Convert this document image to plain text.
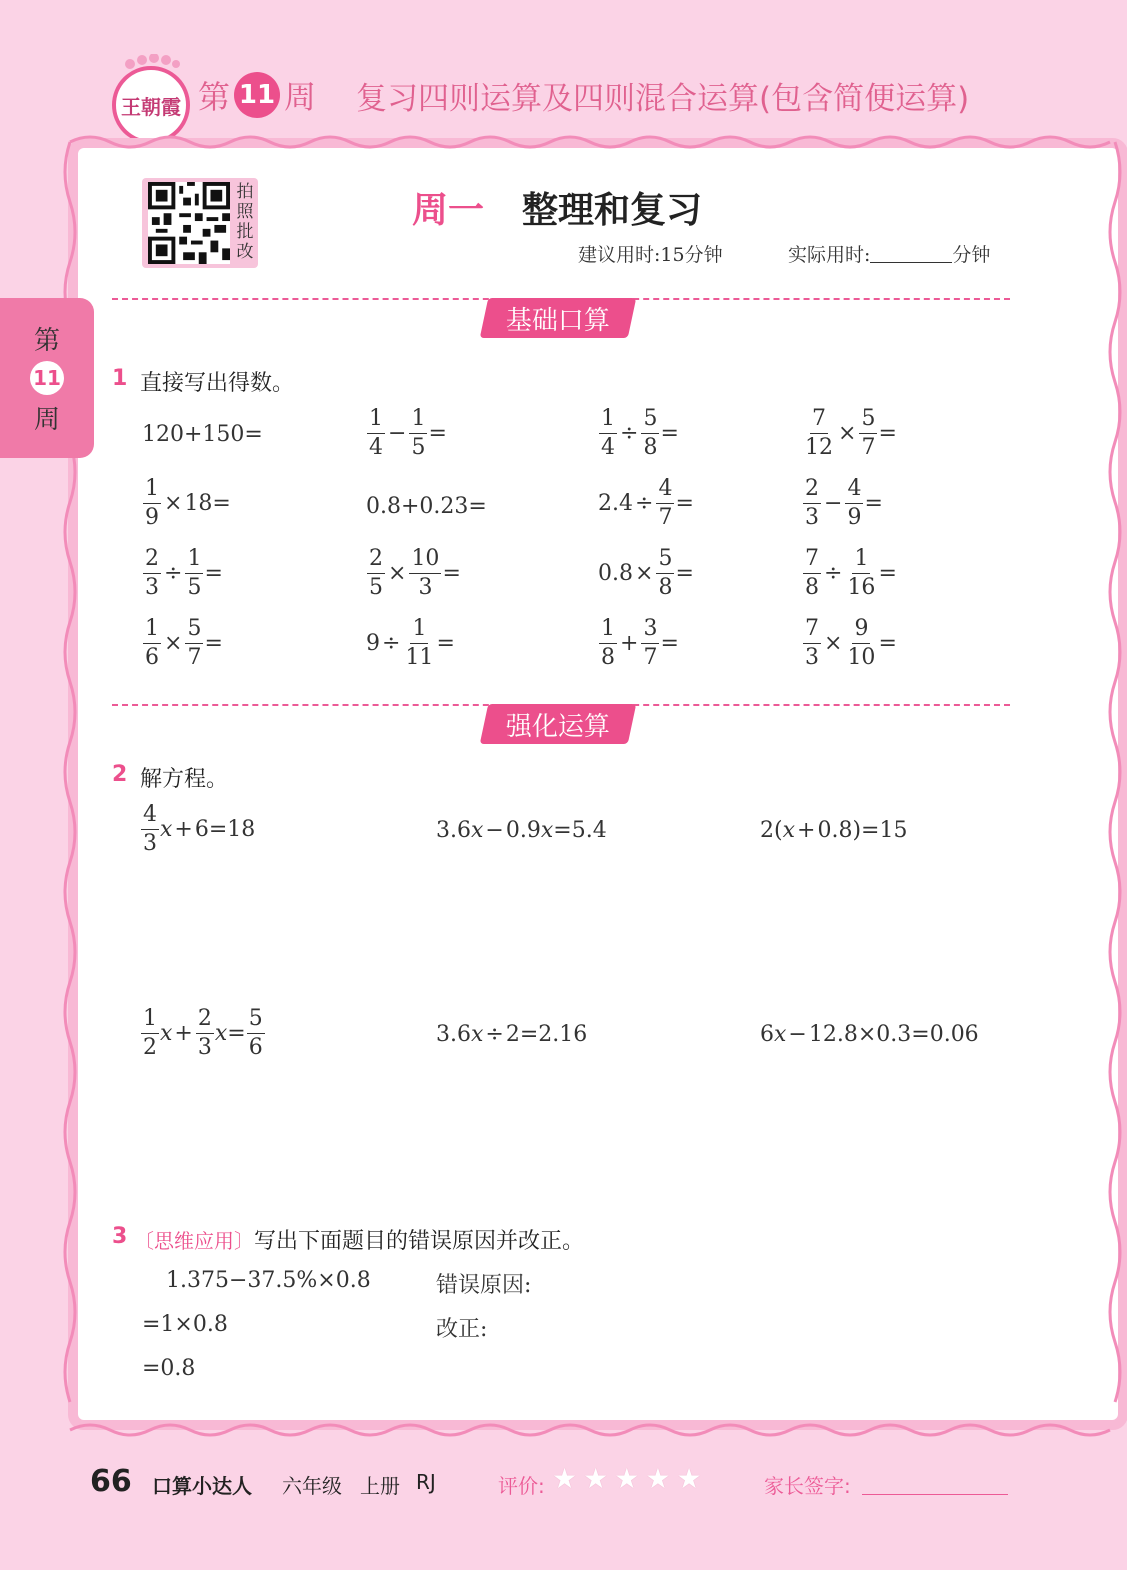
王朝霞 第 11 周 复习四则运算及四则混合运算(包含简便运算)
第
11
周
拍照批改
周一 整理和复习
建议用时:15分钟	实际用时:	分钟
基础口算
1 直接写出得数。
120+150=	$\frac{1}{4} - \frac{1}{5}$ =	$\frac{1}{4} \div \frac{5}{8}$ =	$\frac{7}{12} \times \frac{5}{7}$ =
$\frac{1}{9} \times 18=$	0.8+0.23=	$2.4 \div \frac{4}{7}$ =	$\frac{2}{3} - \frac{4}{9}$ =
$\frac{2}{3} \div \frac{1}{5}$ =	$\frac{2}{5} \times \frac{10}{3}$ =	$0.8 \times \frac{5}{8}$ =	$\frac{7}{8} \div \frac{1}{16}$ =
$\frac{1}{6} \times \frac{5}{7}$ =	$9 \div \frac{1}{11}$ =	$\frac{1}{8} + \frac{3}{7}$ =	$\frac{7}{3} \times \frac{9}{10}$ =
强化运算
2 解方程。
$\frac{4}{3}$ x + 6=18	3.6 x − 0.9 x =5.4	2( x + 0.8)=15
$\frac{1}{2}$ $x + \frac{2}{3}$ $x = \frac{5}{6}$	3.6 x ÷ 2=2.16	6 x − 12.8×0.3=0.06
3 〔思维应用〕写出下面题目的错误原因并改正。
1.375−37.5%×0.8
=1×0.8
=0.8
错误原因:
改正:
66 口算小达人 六年级 上册 RJ	评价: ★ ★ ★ ★ ★	家长签字:
